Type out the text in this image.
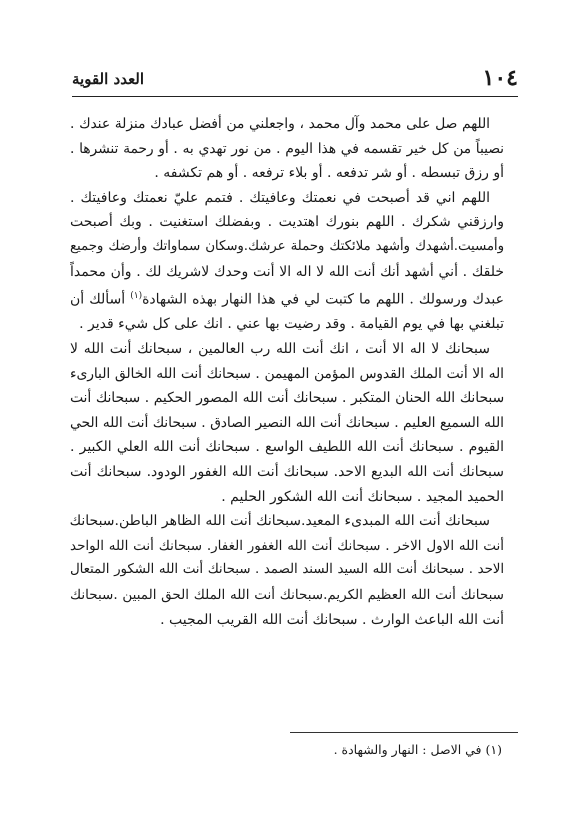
١٠٤
العدد القوية

اللهم صل على محمد وآل محمد ، واجعلني من أفضل عبادك منزلة عندك .
نصيباً من كل خير تقسمه في هذا اليوم . من نور تهدي به . أو رحمة تنشرها .
أو رزق تبسطه . أو شر تدفعه . أو بلاء ترفعه . أو هم تكشفه .

اللهم اني قد أصبحت في نعمتك وعافيتك . فتمم عليّ نعمتك وعافيتك .
وارزقني شكرك . اللهم بنورك اهتديت . وبفضلك استغنيت . وبك أصبحت
وأمسيت.أشهدك وأشهد ملائكتك وحملة عرشك.وسكان سماواتك وأرضك وجميع
خلقك . أني أشهد أنك أنت الله لا اله الا أنت وحدك لاشريك لك . وأن محمداً
عبدك ورسولك . اللهم ما كتبت لي في هذا النهار بهذه الشهادة$^{(١)}$ أسألك أن
تبلغني بها في يوم القيامة . وقد رضيت بها عني . انك على كل شيء قدير .

سبحانك لا اله الا أنت ، انك أنت الله رب العالمين ، سبحانك أنت الله لا
اله الا أنت الملك القدوس المؤمن المهيمن . سبحانك أنت الله الخالق البارىء
سبحانك الله الحنان المتكبر . سبحانك أنت الله المصور الحكيم . سبحانك أنت
الله السميع العليم . سبحانك أنت الله النصير الصادق . سبحانك أنت الله الحي
القيوم . سبحانك أنت الله اللطيف الواسع . سبحانك أنت الله العلي الكبير .
سبحانك أنت الله البديع الاحد. سبحانك أنت الله الغفور الودود. سبحانك أنت
الحميد المجيد . سبحانك أنت الله الشكور الحليم .

سبحانك أنت الله المبدىء المعيد.سبحانك أنت الله الظاهر الباطن.سبحانك
أنت الله الاول الاخر . سبحانك أنت الله الغفور الغفار. سبحانك أنت الله الواحد
الاحد . سبحانك أنت الله السيد السند الصمد . سبحانك أنت الله الشكور المتعال
سبحانك أنت الله العظيم الكريم.سبحانك أنت الله الملك الحق المبين .سبحانك
أنت الله الباعث الوارث . سبحانك أنت الله القريب المجيب .

(١) في الاصل : النهار والشهادة .
